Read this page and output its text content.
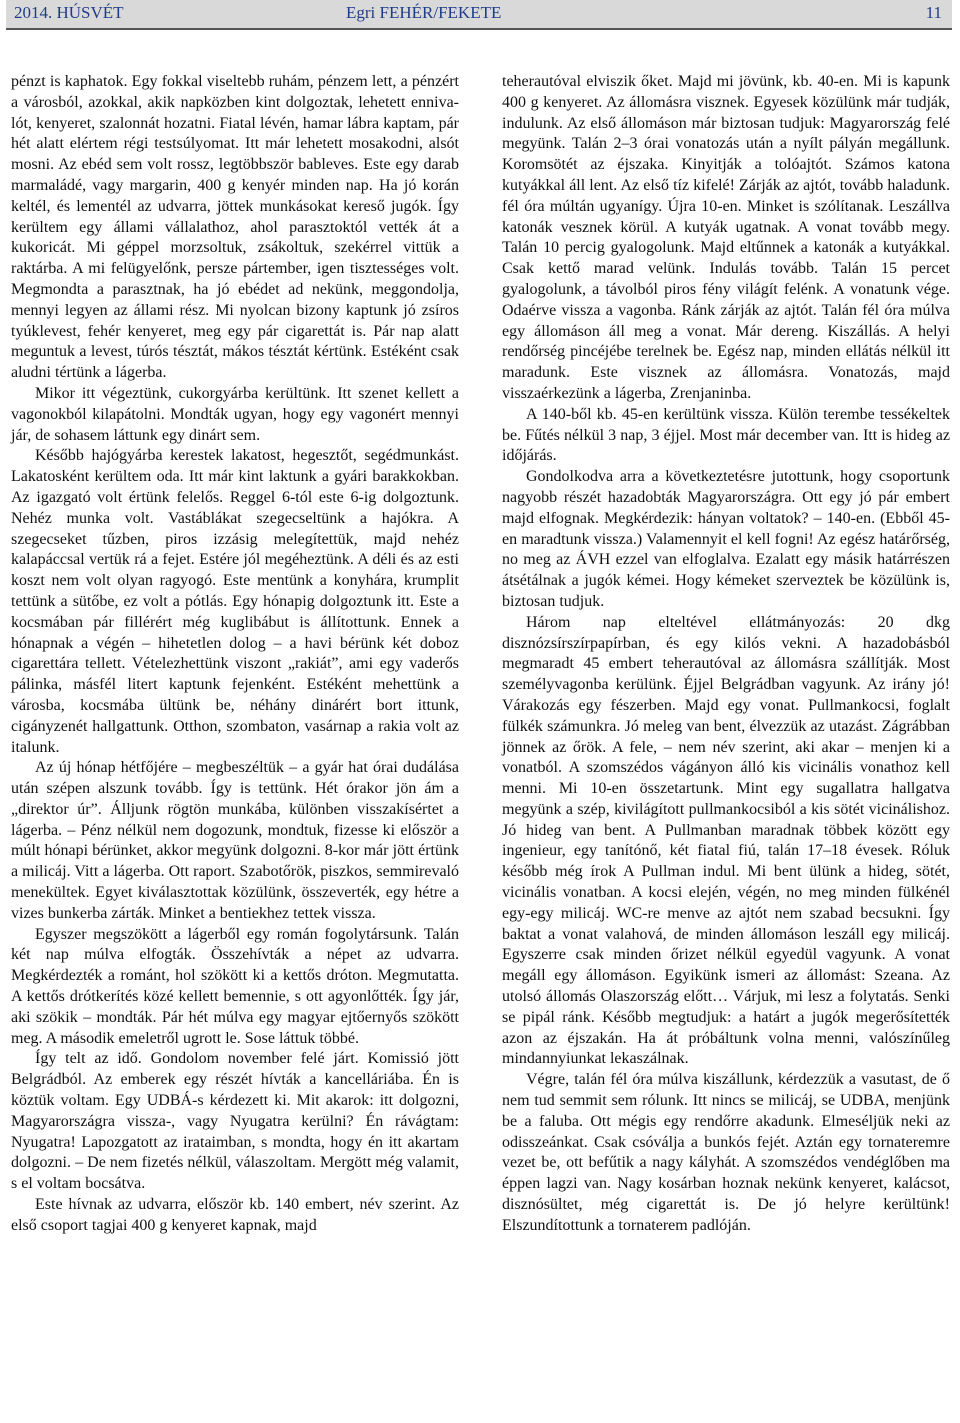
2014. HÚSVÉT	Egri FEHÉR/FEKETE	11

pénzt is kaphatok. Egy fokkal viseltebb ruhám, pénzem lett, a pénzért a városból, azokkal, akik napközben kint dolgoztak, lehetett ennivalót, kenyeret, szalonnát hozatni. Fiatal lévén, hamar lábra kaptam, pár hét alatt elértem régi testsúlyomat. Itt már lehetett mosakodni, alsót mosni. Az ebéd sem volt rossz, legtöbbször bableves. Este egy darab marmaládé, vagy margarin, 400 g kenyér minden nap. Ha jó korán keltél, és lementél az udvarra, jöttek munkásokat kereső jugók. Így kerültem egy állami vállalathoz, ahol parasztoktól vették át a kukoricát. Mi géppel morzsoltuk, zsákoltuk, szekérrel vittük a raktárba. A mi felügyelőnk, persze pártember, igen tisztességes volt. Megmondta a parasztnak, ha jó ebédet ad nekünk, meggondolja, mennyi legyen az állami rész. Mi nyolcan bizony kaptunk jó zsíros tyúklevest, fehér kenyeret, meg egy pár cigarettát is. Pár nap alatt meguntuk a levest, túrós tésztát, mákos tésztát kértünk. Estéként csak aludni tértünk a lágerba.

Mikor itt végeztünk, cukorgyárba kerültünk. Itt szenet kellett a vagonokból kilapátolni. Mondták ugyan, hogy egy vagonért mennyi jár, de sohasem láttunk egy dinárt sem.

Később hajógyárba kerestek lakatost, hegesztőt, segédmunkást. Lakatosként kerültem oda. Itt már kint laktunk a gyári barakkokban. Az igazgató volt értünk felelős. Reggel 6-tól este 6-ig dolgoztunk. Nehéz munka volt. Vastáblákat szegecseltünk a hajókra. A szegecseket tűzben, piros izzásig melegítettük, majd nehéz kalapáccsal vertük rá a fejet. Estére jól megéheztünk. A déli és az esti koszt nem volt olyan ragyogó. Este mentünk a konyhára, krumplit tettünk a sütőbe, ez volt a pótlás. Egy hónapig dolgoztunk itt. Este a kocsmában pár fillérért még kuglibábut is állítottunk. Ennek a hónapnak a végén – hihetetlen dolog – a havi bérünk két doboz cigarettára tellett. Vételezhettünk viszont „rakiát”, ami egy vaderős pálinka, másfél litert kaptunk fejenként. Estéként mehettünk a városba, kocsmába ültünk be, néhány dinárért bort ittunk, cigányzenét hallgattunk. Otthon, szombaton, vasárnap a rakia volt az italunk.

Az új hónap hétfőjére – megbeszéltük – a gyár hat órai dudálása után szépen alszunk tovább. Így is tettünk. Hét órakor jön ám a „direktor úr”. Álljunk rögtön munkába, különben visszakísértet a lágerba. – Pénz nélkül nem dogozunk, mondtuk, fizesse ki először a múlt hónapi bérünket, akkor megyünk dolgozni. 8-kor már jött értünk a milicáj. Vitt a lágerba. Ott raport. Szabotőrök, piszkos, semmirevaló menekültek. Egyet kiválasztottak közülünk, összeverték, egy hétre a vizes bunkerba zárták. Minket a bentiekhez tettek vissza.

Egyszer megszökött a lágerből egy román fogolytársunk. Talán két nap múlva elfogták. Összehívták a népet az udvarra. Megkérdezték a románt, hol szökött ki a kettős dróton. Megmutatta. A kettős drótkerítés közé kellett bemennie, s ott agyonlőtték. Így jár, aki szökik – mondták. Pár hét múlva egy magyar ejtőernyős szökött meg. A második emeletről ugrott le. Sose láttuk többé.

Így telt az idő. Gondolom november felé járt. Komissió jött Belgrádból. Az emberek egy részét hívták a kancelláriába. Én is köztük voltam. Egy UDBÁ-s kérdezett ki. Mit akarok: itt dolgozni, Magyarországra vissza-, vagy Nyugatra kerülni? Én rávágtam: Nyugatra! Lapozgatott az irataimban, s mondta, hogy én itt akartam dolgozni. – De nem fizetés nélkül, válaszoltam. Mergött még valamit, s el voltam bocsátva.

Este hívnak az udvarra, először kb. 140 embert, név szerint. Az első csoport tagjai 400 g kenyeret kapnak, majd

teherautóval elviszik őket. Majd mi jövünk, kb. 40-en. Mi is kapunk 400 g kenyeret. Az állomásra visznek. Egyesek közülünk már tudják, indulunk. Az első állomáson már biztosan tudjuk: Magyarország felé megyünk. Talán 2–3 órai vonatozás után a nyílt pályán megállunk. Koromsötét az éjszaka. Kinyitják a tolóajtót. Számos katona kutyákkal áll lent. Az első tíz kifelé! Zárják az ajtót, tovább haladunk. fél óra múltán ugyanígy. Újra 10-en. Minket is szólítanak. Leszállva katonák vesznek körül. A kutyák ugatnak. A vonat tovább megy. Talán 10 percig gyalogolunk. Majd eltűnnek a katonák a kutyákkal. Csak kettő marad velünk. Indulás tovább. Talán 15 percet gyalogolunk, a távolból piros fény világít felénk. A vonatunk vége. Odaérve vissza a vagonba. Ránk zárják az ajtót. Talán fél óra múlva egy állomáson áll meg a vonat. Már dereng. Kiszállás. A helyi rendőrség pincéjébe terelnek be. Egész nap, minden ellátás nélkül itt maradunk. Este visznek az állomásra. Vonatozás, majd visszaérkezünk a lágerba, Zrenjaninba.

A 140-ből kb. 45-en kerültünk vissza. Külön terembe tessékeltek be. Fűtés nélkül 3 nap, 3 éjjel. Most már december van. Itt is hideg az időjárás.

Gondolkodva arra a következtetésre jutottunk, hogy csoportunk nagyobb részét hazadobták Magyarországra. Ott egy jó pár embert majd elfognak. Megkérdezik: hányan voltatok? – 140-en. (Ebből 45-en maradtunk vissza.) Valamennyit el kell fogni! Az egész határőrség, no meg az ÁVH ezzel van elfoglalva. Ezalatt egy másik határrészen átsétálnak a jugók kémei. Hogy kémeket szerveztek be közülünk is, biztosan tudjuk.

Három nap elteltével ellátmányozás: 20 dkg disznózsírszírpapírban, és egy kilós vekni. A hazadobásból megmaradt 45 embert teherautóval az állomásra szállítják. Most személyvagonba kerülünk. Éjjel Belgrádban vagyunk. Az irány jó! Várakozás egy fészerben. Majd egy vonat. Pullmankocsi, foglalt fülkék számunkra. Jó meleg van bent, élvezzük az utazást. Zágrábban jönnek az őrök. A fele, – nem név szerint, aki akar – menjen ki a vonatból. A szomszédos vágányon álló kis vicinális vonathoz kell menni. Mi 10-en összetartunk. Mint egy sugallatra hallgatva megyünk a szép, kivilágított pullmankocsiból a kis sötét vicinálishoz. Jó hideg van bent. A Pullmanban maradnak többek között egy ingenieur, egy tanítónő, két fiatal fiú, talán 17–18 évesek. Róluk később még írok A Pullman indul. Mi bent ülünk a hideg, sötét, vicinális vonatban. A kocsi elején, végén, no meg minden fülkénél egy-egy milicáj. WC-re menve az ajtót nem szabad becsukni. Így baktat a vonat valahová, de minden állomáson leszáll egy milicáj. Egyszerre csak minden őrizet nélkül egyedül vagyunk. A vonat megáll egy állomáson. Egyikünk ismeri az állomást: Szeana. Az utolsó állomás Olaszország előtt… Várjuk, mi lesz a folytatás. Senki se pipál ránk. Később megtudjuk: a határt a jugók megerősítették azon az éjszakán. Ha át próbáltunk volna menni, valószínűleg mindannyiunkat lekaszálnak.

Végre, talán fél óra múlva kiszállunk, kérdezzük a vasutast, de ő nem tud semmit sem rólunk. Itt nincs se milicáj, se UDBA, menjünk be a faluba. Ott mégis egy rendőrre akadunk. Elmeséljük neki az odisszeánkat. Csak csóválja a bunkós fejét. Aztán egy tornateremre vezet be, ott befűtik a nagy kályhát. A szomszédos vendéglőben ma éppen lagzi van. Nagy kosárban hoznak nekünk kenyeret, kalácsot, disznósültet, még cigarettát is. De jó helyre kerültünk! Elszundítottunk a tornaterem padlóján.
